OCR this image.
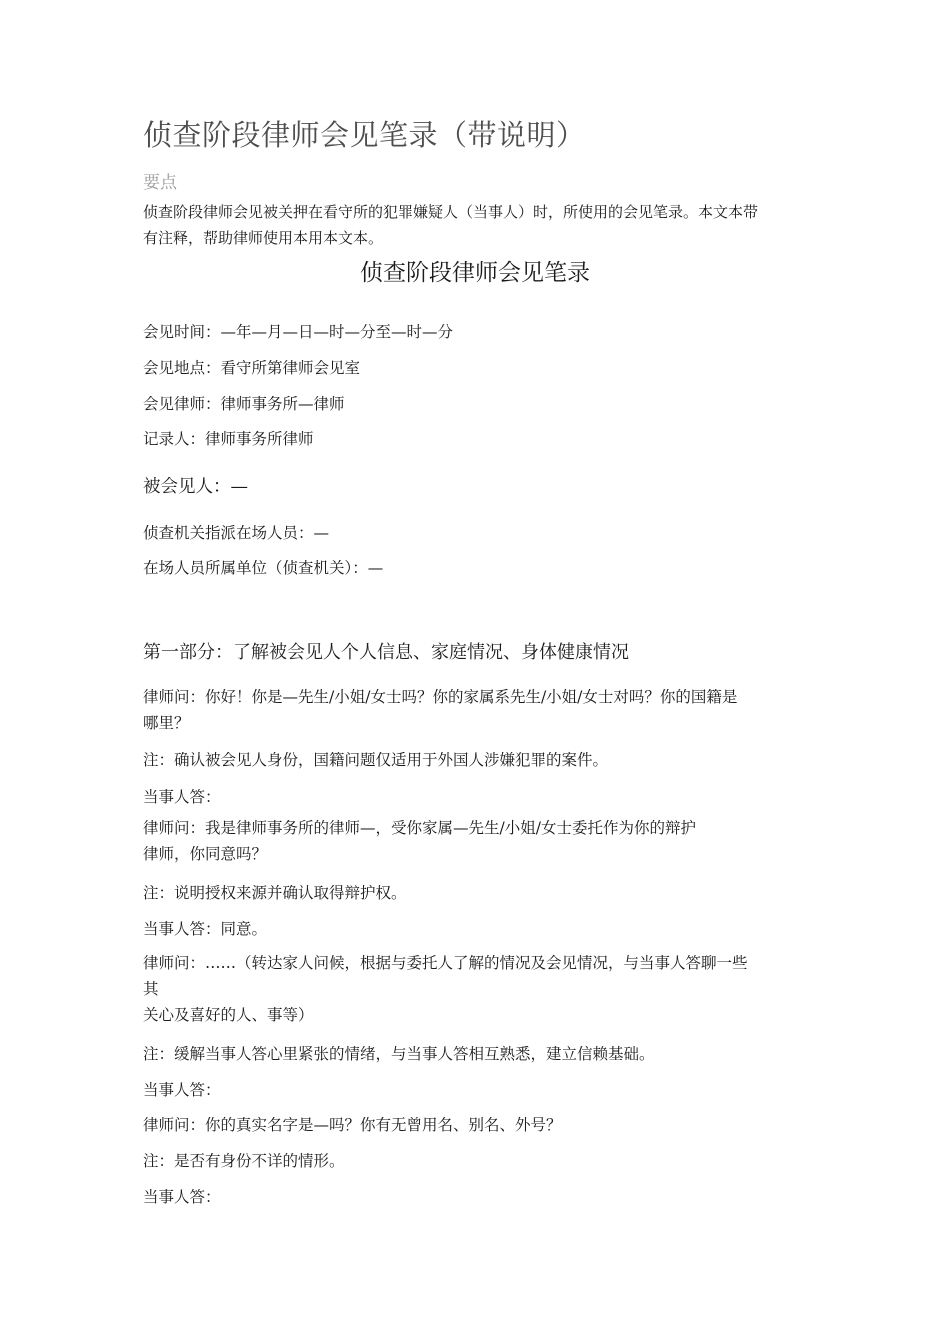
侦查阶段律师会见笔录（带说明）
要点
侦查阶段律师会见被关押在看守所的犯罪嫌疑人（当事人）时，所使用的会见笔录。本文本带
有注释，帮助律师使用本用本文本。
侦查阶段律师会见笔录
会见时间：—年—月—日—时—分至—时—分
会见地点：看守所第律师会见室
会见律师：律师事务所—律师
记录人：律师事务所律师
被会见人：—
侦查机关指派在场人员：—
在场人员所属单位（侦查机关）：—
第一部分：了解被会见人个人信息、家庭情况、身体健康情况
律师问：你好！你是—先生/小姐/女士吗？你的家属系先生/小姐/女士对吗？你的国籍是
哪里？
注：确认被会见人身份，国籍问题仅适用于外国人涉嫌犯罪的案件。
当事人答：
律师问：我是律师事务所的律师—，受你家属—先生/小姐/女士委托作为你的辩护
律师，你同意吗？
注：说明授权来源并确认取得辩护权。
当事人答：同意。
律师问：……（转达家人问候，根据与委托人了解的情况及会见情况，与当事人答聊一些
其
关心及喜好的人、事等）
注：缓解当事人答心里紧张的情绪，与当事人答相互熟悉，建立信赖基础。
当事人答：
律师问：你的真实名字是—吗？你有无曾用名、别名、外号？
注：是否有身份不详的情形。
当事人答：
